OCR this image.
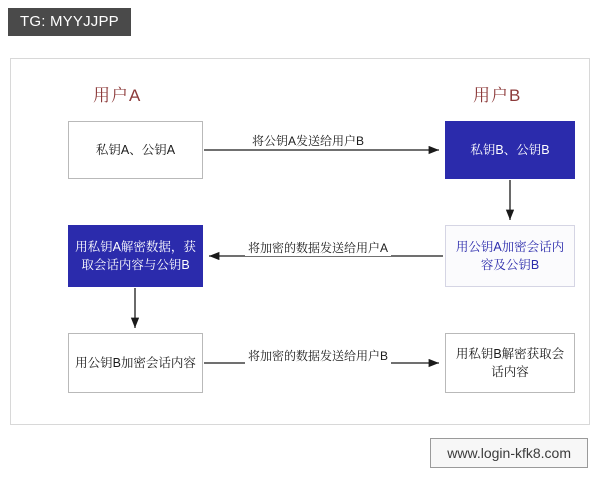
TG: MYYJJPP
用户A	用户B
私钥A、公钥A	私钥B、公钥B
用私钥A解密数据，获取会话内容与公钥B
用公钥A加密会话内容及公钥B
用公钥B加密会话内容
用私钥B解密获取会话内容
将公钥A发送给用户B
将加密的数据发送给用户A
将加密的数据发送给用户B
www.login-kfk8.com
